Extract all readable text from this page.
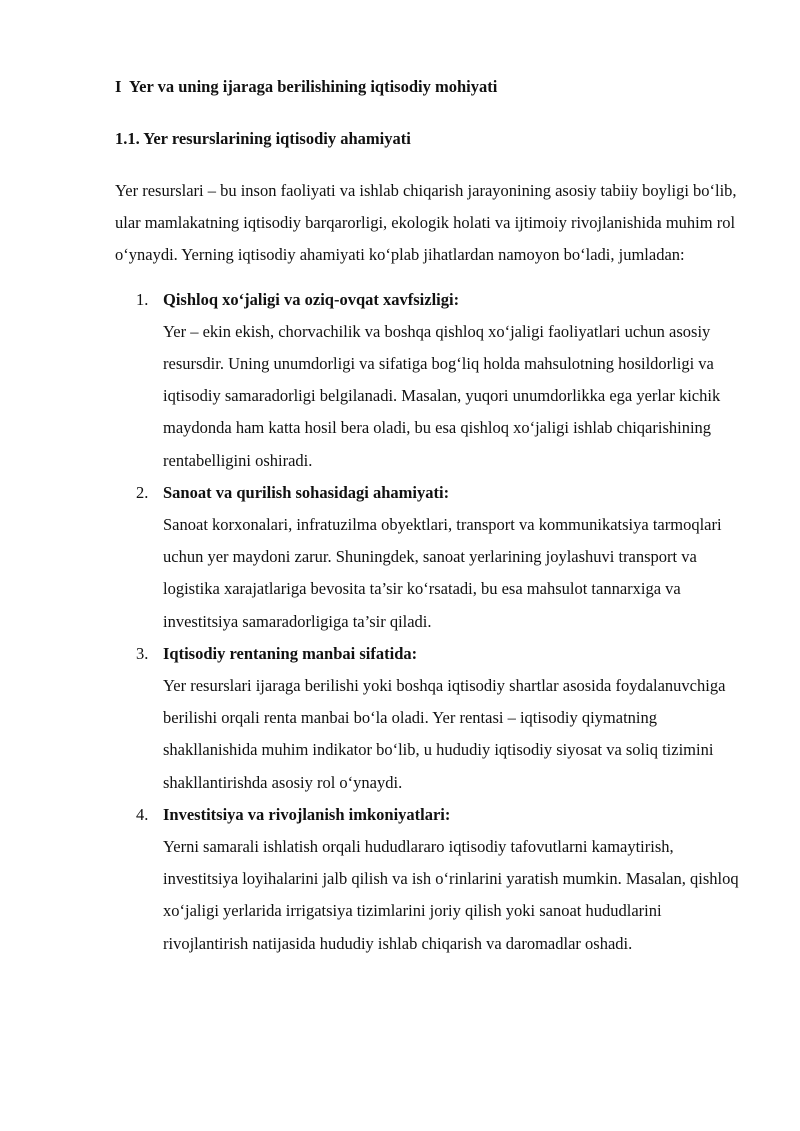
I  Yer va uning ijaraga berilishining iqtisodiy mohiyati
1.1. Yer resurslarining iqtisodiy ahamiyati

Yer resurslari – bu inson faoliyati va ishlab chiqarish jarayonining asosiy tabiiy boyligi bo‘lib, ular mamlakatning iqtisodiy barqarorligi, ekologik holati va ijtimoiy rivojlanishida muhim rol o‘ynaydi. Yerning iqtisodiy ahamiyati ko‘plab jihatlardan namoyon bo‘ladi, jumladan:

1. Qishloq xo‘jaligi va oziq-ovqat xavfsizligi:
Yer – ekin ekish, chorvachilik va boshqa qishloq xo‘jaligi faoliyatlari uchun asosiy resursdir. Uning unumdorligi va sifatiga bog‘liq holda mahsulotning hosildorligi va iqtisodiy samaradorligi belgilanadi. Masalan, yuqori unumdorlikka ega yerlar kichik maydonda ham katta hosil bera oladi, bu esa qishloq xo‘jaligi ishlab chiqarishining rentabelligini oshiradi.
2. Sanoat va qurilish sohasidagi ahamiyati:
Sanoat korxonalari, infratuzilma obyektlari, transport va kommunikatsiya tarmoqlari uchun yer maydoni zarur. Shuningdek, sanoat yerlarining joylashuvi transport va logistika xarajatlariga bevosita ta’sir ko‘rsatadi, bu esa mahsulot tannarxiga va investitsiya samaradorligiga ta’sir qiladi.
3. Iqtisodiy rentaning manbai sifatida:
Yer resurslari ijaraga berilishi yoki boshqa iqtisodiy shartlar asosida foydalanuvchiga berilishi orqali renta manbai bo‘la oladi. Yer rentasi – iqtisodiy qiymatning shakllanishida muhim indikator bo‘lib, u hududiy iqtisodiy siyosat va soliq tizimini shakllantirishda asosiy rol o‘ynaydi.
4. Investitsiya va rivojlanish imkoniyatlari:
Yerni samarali ishlatish orqali hududlararo iqtisodiy tafovutlarni kamaytirish, investitsiya loyihalarini jalb qilish va ish o‘rinlarini yaratish mumkin. Masalan, qishloq xo‘jaligi yerlarida irrigatsiya tizimlarini joriy qilish yoki sanoat hududlarini rivojlantirish natijasida hududiy ishlab chiqarish va daromadlar oshadi.
